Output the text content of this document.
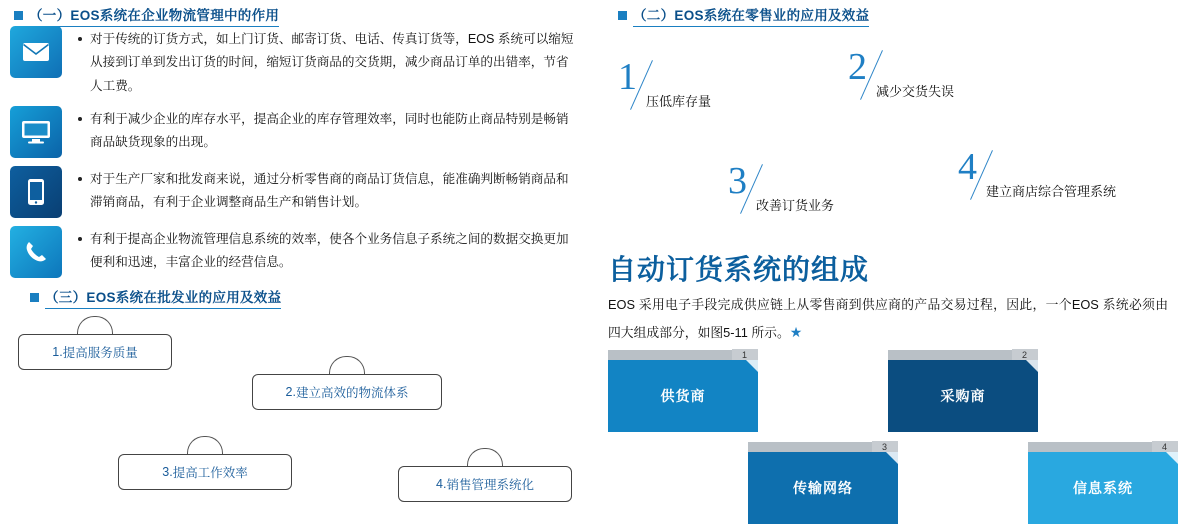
（一）EOS系统在企业物流管理中的作用
对于传统的订货方式，如上门订货、邮寄订货、电话、传真订货等，EOS 系统可以缩短从接到订单到发出订货的时间，缩短订货商品的交货期，减少商品订单的出错率，节省人工费。
有利于减少企业的库存水平，提高企业的库存管理效率，同时也能防止商品特别是畅销商品缺货现象的出现。
对于生产厂家和批发商来说，通过分析零售商的商品订货信息，能准确判断畅销商品和滞销商品，有利于企业调整商品生产和销售计划。
有利于提高企业物流管理信息系统的效率，使各个业务信息子系统之间的数据交换更加便利和迅速，丰富企业的经营信息。
（三）EOS系统在批发业的应用及效益
1. 提高服务质量
2. 建立高效的物流体系
3. 提高工作效率
4. 销售管理系统化
（二）EOS系统在零售业的应用及效益
1压低库存量
2减少交货失误
3改善订货业务
4建立商店综合管理系统
自动订货系统的组成
EOS 采用电子手段完成供应链上从零售商到供应商的产品交易过程，因此，一个EOS 系统必须由四大组成部分，如图5-11 所示。★
1
供货商
2
采购商
3
传输网络
4
信息系统
